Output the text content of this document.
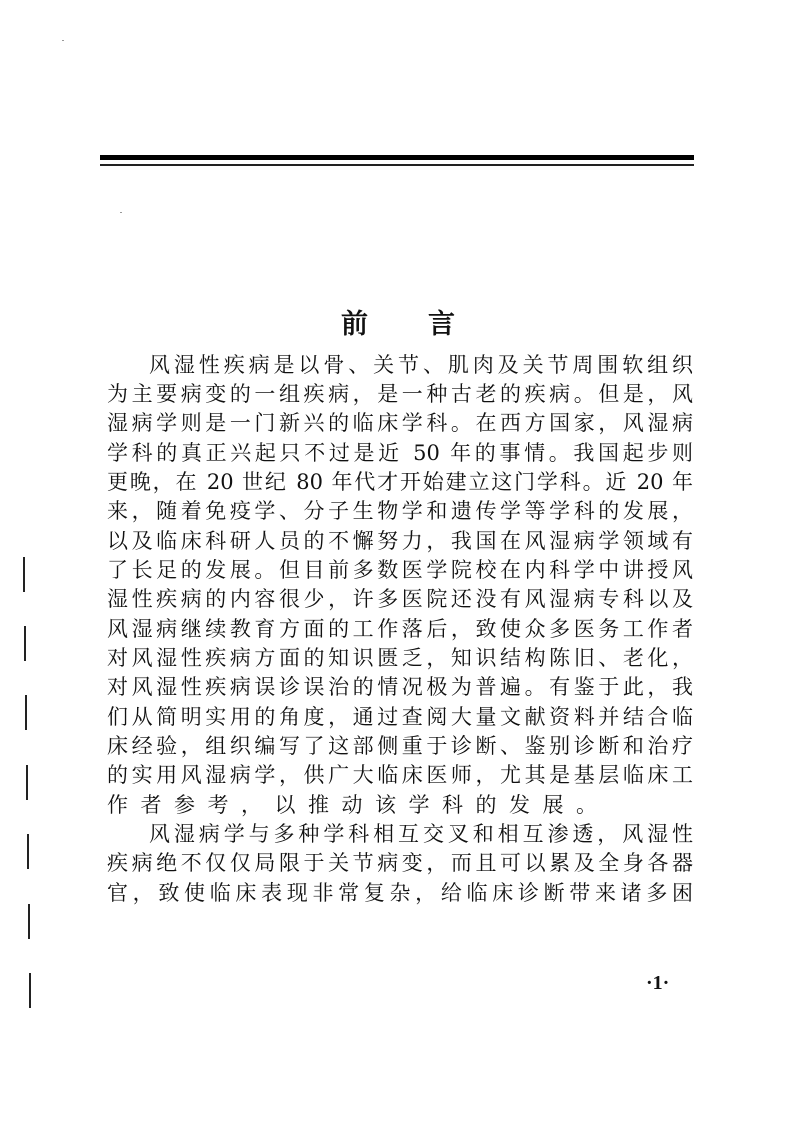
前 言
风湿性疾病是以骨、关节、肌肉及关节周围软组织
为主要病变的一组疾病，是一种古老的疾病。但是，风
湿病学则是一门新兴的临床学科。在西方国家，风湿病
学科的真正兴起只不过是近 50 年的事情。我国起步则
更晚，在 20 世纪 80 年代才开始建立这门学科。近 20 年
来，随着免疫学、分子生物学和遗传学等学科的发展，
以及临床科研人员的不懈努力，我国在风湿病学领域有
了长足的发展。但目前多数医学院校在内科学中讲授风
湿性疾病的内容很少，许多医院还没有风湿病专科以及
风湿病继续教育方面的工作落后，致使众多医务工作者
对风湿性疾病方面的知识匮乏，知识结构陈旧、老化，
对风湿性疾病误诊误治的情况极为普遍。有鉴于此，我
们从简明实用的角度，通过查阅大量文献资料并结合临
床经验，组织编写了这部侧重于诊断、鉴别诊断和治疗
的实用风湿病学，供广大临床医师，尤其是基层临床工
作者参考，以推动该学科的发展。
风湿病学与多种学科相互交叉和相互渗透，风湿性
疾病绝不仅仅局限于关节病变，而且可以累及全身各器
官，致使临床表现非常复杂，给临床诊断带来诸多困
·1·
